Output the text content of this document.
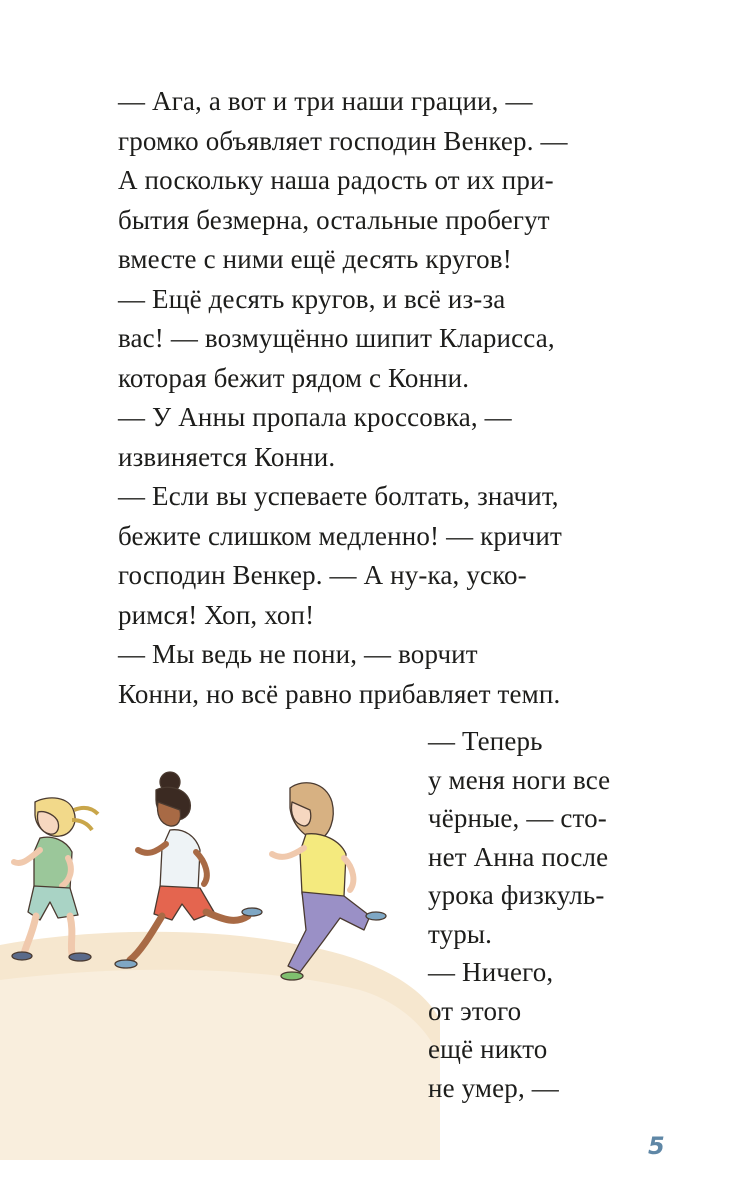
— Ага, а вот и три наши грации, —
громко объявляет господин Венкер. —
А поскольку наша радость от их при-
бытия безмерна, остальные пробегут
вместе с ними ещё десять кругов!

— Ещё десять кругов, и всё из-за
вас! — возмущённо шипит Кларисса,
которая бежит рядом с Конни.

— У Анны пропала кроссовка, —
извиняется Конни.

— Если вы успеваете болтать, значит,
бежите слишком медленно! — кричит
господин Венкер. — А ну-ка, уско-
римся! Хоп, хоп!

— Мы ведь не пони, — ворчит
Конни, но всё равно прибавляет темп.

— Теперь
у меня ноги все
чёрные, — сто-
нет Анна после
урока физкуль-
туры.

— Ничего,
от этого
ещё никто
не умер, —

5
